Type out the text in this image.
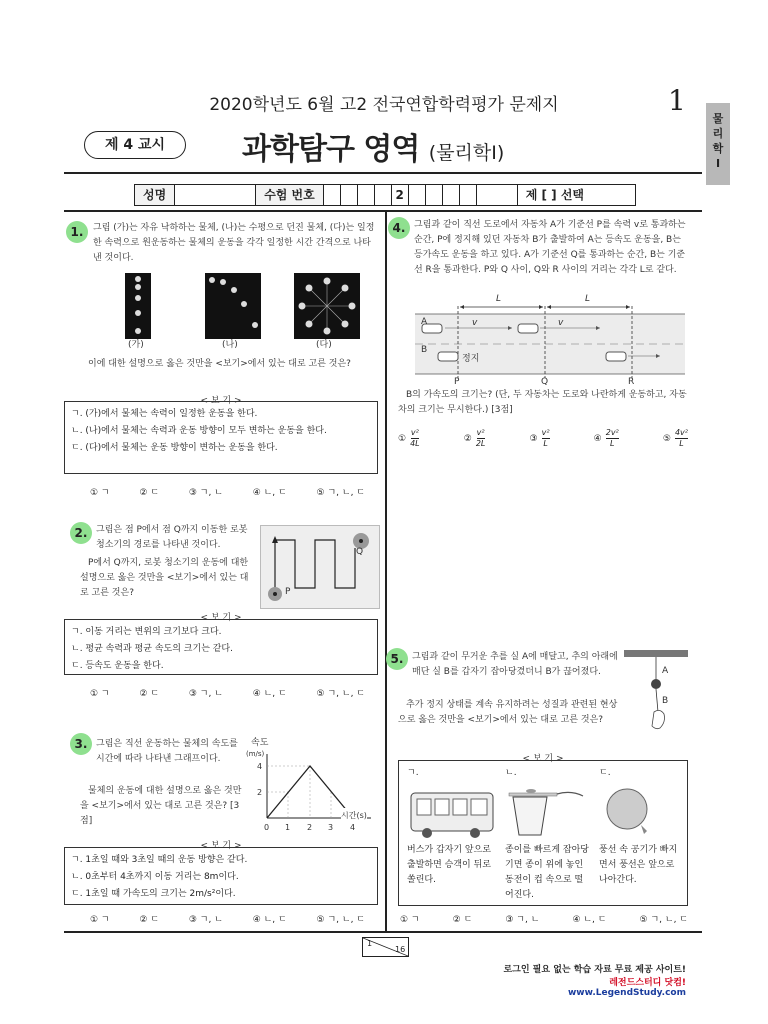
2020학년도 6월 고2 전국연합학력평가 문제지	1
물
리
학
Ⅰ
제 4 교시	과학탐구 영역 (물리학Ⅰ)
성명	수험 번호	2	제 [ ] 선택
1.	그림 (가)는 자유 낙하하는 물체, (나)는 수평으로 던진 물체, (다)는 일정한 속력으로 원운동하는 물체의 운동을 각각 일정한 시간 간격으로 나타낸 것이다.
(가)	(나)	(다)
이에 대한 설명으로 옳은 것만을 <보기>에서 있는 대로 고른 것은?
< 보 기 >
ㄱ. (가)에서 물체는 속력이 일정한 운동을 한다.
ㄴ. (나)에서 물체는 속력과 운동 방향이 모두 변하는 운동을 한다.
ㄷ. (다)에서 물체는 운동 방향이 변하는 운동을 한다.
① ㄱ	② ㄷ	③ ㄱ, ㄴ	④ ㄴ, ㄷ	⑤ ㄱ, ㄴ, ㄷ
2. 그림은 점 P에서 점 Q까지 이동한 로봇 청소기의 경로를 나타낸 것이다.
P에서 Q까지, 로봇 청소기의 운동에 대한 설명으로 옳은 것만을 <보기>에서 있는 대로 고른 것은?	P
Q
< 보 기 >
ㄱ. 이동 거리는 변위의 크기보다 크다.
ㄴ. 평균 속력과 평균 속도의 크기는 같다.
ㄷ. 등속도 운동을 한다.
① ㄱ	② ㄷ	③ ㄱ, ㄴ	④ ㄴ, ㄷ	⑤ ㄱ, ㄴ, ㄷ
3. 그림은 직선 운동하는 물체의 속도를 시간에 따라 나타낸 그래프이다.
물체의 운동에 대한 설명으로 옳은 것만을 <보기>에서 있는 대로 고른 것은? [3점]
속도
(m/s)
4
2
0 1 2 3 4
시간(s)
< 보 기 >
ㄱ. 1초일 때와 3초일 때의 운동 방향은 같다.
ㄴ. 0초부터 4초까지 이동 거리는 8m이다.
ㄷ. 1초일 때 가속도의 크기는 2m/s²이다.
① ㄱ	② ㄷ	③ ㄱ, ㄴ	④ ㄴ, ㄷ	⑤ ㄱ, ㄴ, ㄷ
4. 그림과 같이 직선 도로에서 자동차 A가 기준선 P를 속력 v로 통과하는 순간, P에 정지해 있던 자동차 B가 출발하여 A는 등속도 운동을, B는 등가속도 운동을 하고 있다. A가 기준선 Q를 통과하는 순간, B는 기준선 R을 통과한다. P와 Q 사이, Q와 R 사이의 거리는 각각 L로 같다.
A
B
L	L
v	v
정지
P	Q	R
B의 가속도의 크기는? (단, 두 자동차는 도로와 나란하게 운동하고, 자동차의 크기는 무시한다.) [3점]
① $\frac{\text{v²}}{4L}$	② $\frac{\text{v²}}{2L}$	③ $\frac{\text{v²}}{L}$	④ $\frac{\text{2v²}}{L}$	⑤ $\frac{\text{4v²}}{L}$
5. 그림과 같이 무거운 추를 실 A에 매달고, 추의 아래에 매단 실 B를 갑자기 잡아당겼더니 B가 끊어졌다.
추가 정지 상태를 계속 유지하려는 성질과 관련된 현상으로 옳은 것만을 <보기>에서 있는 대로 고른 것은?
A
B
< 보 기 >
ㄱ.	ㄴ.	ㄷ.
버스가 갑자기 앞으로 출발하면 승객이 뒤로 쏠린다.
종이를 빠르게 잡아당기면 종이 위에 놓인 동전이 컵 속으로 떨어진다.
풍선 속 공기가 빠지면서 풍선은 앞으로 나아간다.
① ㄱ	② ㄷ	③ ㄱ, ㄴ	④ ㄴ, ㄷ	⑤ ㄱ, ㄴ, ㄷ
1
16
로그인 필요 없는 학습 자료 무료 제공 사이트!
레전드스터디 닷컴!
www.LegendStudy.com
